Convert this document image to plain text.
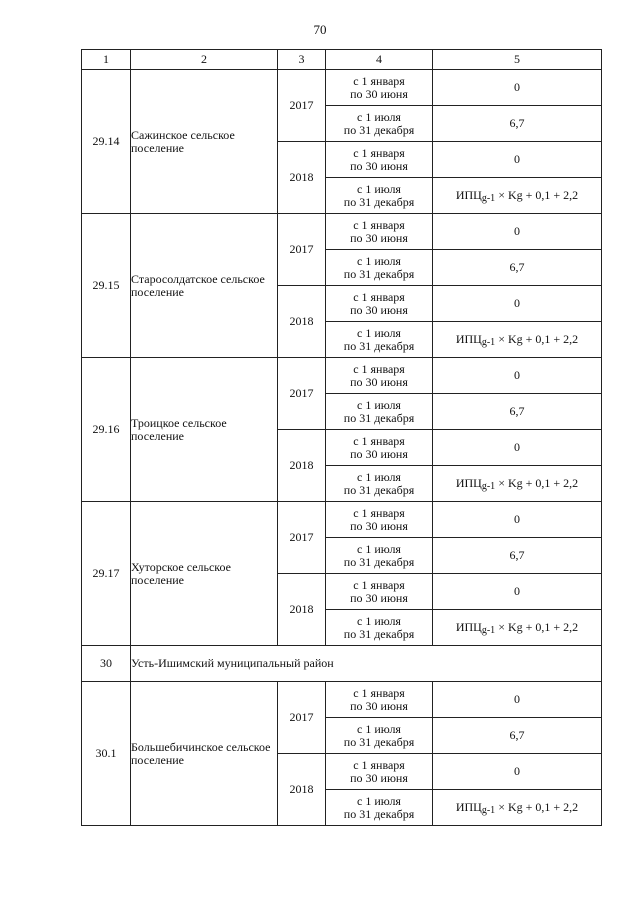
70
1	2	3	4	5
29.14	Сажинское сельское поселение	2017	с 1 января
по 30 июня	0

			с 1 июля
по 31 декабря	6,7
		2018	с 1 января
по 30 июня	0

			с 1 июля
по 31 декабря	ИПЦg-1 × Kg + 0,1 + 2,2
29.15	Старосолдатское сельское поселение	2017	с 1 января
по 30 июня	0

			с 1 июля
по 31 декабря	6,7
		2018	с 1 января
по 30 июня	0

			с 1 июля
по 31 декабря	ИПЦg-1 × Kg + 0,1 + 2,2
29.16	Троицкое сельское поселение	2017	с 1 января
по 30 июня	0

			с 1 июля
по 31 декабря	6,7
		2018	с 1 января
по 30 июня	0

			с 1 июля
по 31 декабря	ИПЦg-1 × Kg + 0,1 + 2,2
29.17	Хуторское сельское поселение	2017	с 1 января
по 30 июня	0

			с 1 июля
по 31 декабря	6,7
		2018	с 1 января
по 30 июня	0

			с 1 июля
по 31 декабря	ИПЦg-1 × Kg + 0,1 + 2,2
30	Усть-Ишимский муниципальный район			
30.1	Большебичинское сельское поселение	2017	с 1 января
по 30 июня	0

			с 1 июля
по 31 декабря	6,7
		2018	с 1 января
по 30 июня	0

			с 1 июля
по 31 декабря	ИПЦg-1 × Kg + 0,1 + 2,2
